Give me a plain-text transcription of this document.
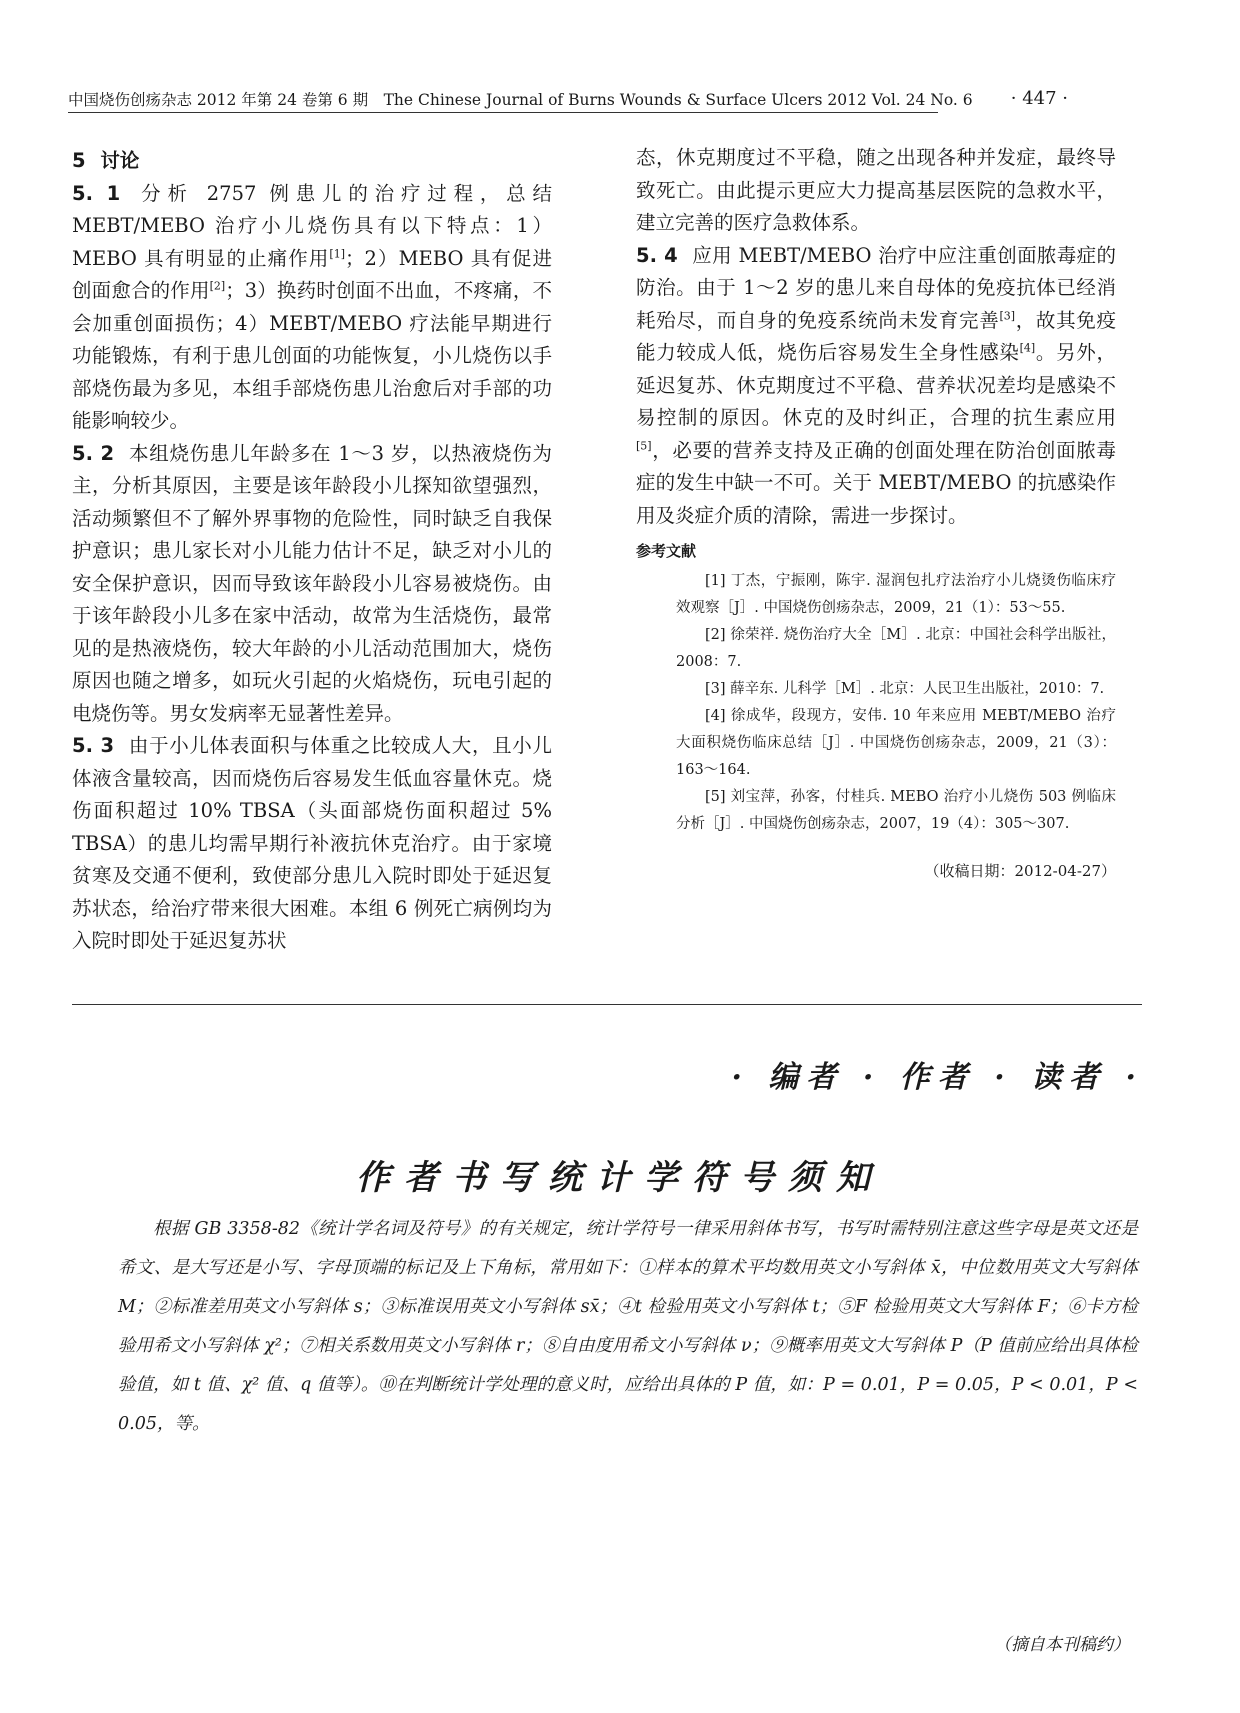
中国烧伤创疡杂志 2012 年第 24 卷第 6 期　The Chinese Journal of Burns Wounds & Surface Ulcers 2012 Vol. 24 No. 6 · 447 ·

5 讨论

5. 1 分析 2757 例患儿的治疗过程，总结 MEBT/MEBO 治疗小儿烧伤具有以下特点：1）MEBO 具有明显的止痛作用[1]；2）MEBO 具有促进创面愈合的作用[2]；3）换药时创面不出血，不疼痛，不会加重创面损伤；4）MEBT/MEBO 疗法能早期进行功能锻炼，有利于患儿创面的功能恢复，小儿烧伤以手部烧伤最为多见，本组手部烧伤患儿治愈后对手部的功能影响较少。

5. 2 本组烧伤患儿年龄多在 1～3 岁，以热液烧伤为主，分析其原因，主要是该年龄段小儿探知欲望强烈，活动频繁但不了解外界事物的危险性，同时缺乏自我保护意识；患儿家长对小儿能力估计不足，缺乏对小儿的安全保护意识，因而导致该年龄段小儿容易被烧伤。由于该年龄段小儿多在家中活动，故常为生活烧伤，最常见的是热液烧伤，较大年龄的小儿活动范围加大，烧伤原因也随之增多，如玩火引起的火焰烧伤，玩电引起的电烧伤等。男女发病率无显著性差异。

5. 3 由于小儿体表面积与体重之比较成人大，且小儿体液含量较高，因而烧伤后容易发生低血容量休克。烧伤面积超过 10% TBSA（头面部烧伤面积超过 5% TBSA）的患儿均需早期行补液抗休克治疗。由于家境贫寒及交通不便利，致使部分患儿入院时即处于延迟复苏状态，给治疗带来很大困难。本组 6 例死亡病例均为入院时即处于延迟复苏状

态，休克期度过不平稳，随之出现各种并发症，最终导致死亡。由此提示更应大力提高基层医院的急救水平，建立完善的医疗急救体系。

5. 4 应用 MEBT/MEBO 治疗中应注重创面脓毒症的防治。由于 1～2 岁的患儿来自母体的免疫抗体已经消耗殆尽，而自身的免疫系统尚未发育完善[3]，故其免疫能力较成人低，烧伤后容易发生全身性感染[4]。另外，延迟复苏、休克期度过不平稳、营养状况差均是感染不易控制的原因。休克的及时纠正，合理的抗生素应用[5]，必要的营养支持及正确的创面处理在防治创面脓毒症的发生中缺一不可。关于 MEBT/MEBO 的抗感染作用及炎症介质的清除，需进一步探讨。

参考文献

[1] 丁杰，宁振刚，陈宇. 湿润包扎疗法治疗小儿烧烫伤临床疗效观察［J］. 中国烧伤创疡杂志，2009，21（1）：53～55.

[2] 徐荣祥. 烧伤治疗大全［M］. 北京：中国社会科学出版社，2008：7.

[3] 薛辛东. 儿科学［M］. 北京：人民卫生出版社，2010：7.

[4] 徐成华，段现方，安伟. 10 年来应用 MEBT/MEBO 治疗大面积烧伤临床总结［J］. 中国烧伤创疡杂志，2009，21（3）：163～164.

[5] 刘宝萍，孙客，付桂兵. MEBO 治疗小儿烧伤 503 例临床分析［J］. 中国烧伤创疡杂志，2007，19（4）：305～307.

（收稿日期：2012-04-27）
· 编者 · 作者 · 读者 ·
作者书写统计学符号须知

根据 GB 3358-82《统计学名词及符号》的有关规定，统计学符号一律采用斜体书写，书写时需特别注意这些字母是英文还是希文、是大写还是小写、字母顶端的标记及上下角标，常用如下：①样本的算术平均数用英文小写斜体 x̄，中位数用英文大写斜体 M；②标准差用英文小写斜体 s；③标准误用英文小写斜体 sx̄；④t 检验用英文小写斜体 t；⑤F 检验用英文大写斜体 F；⑥卡方检验用希文小写斜体 χ²；⑦相关系数用英文小写斜体 r；⑧自由度用希文小写斜体 ν；⑨概率用英文大写斜体 P（P 值前应给出具体检验值，如 t 值、χ² 值、q 值等）。⑩在判断统计学处理的意义时，应给出具体的 P 值，如：P = 0.01，P = 0.05，P < 0.01，P < 0.05，等。

（摘自本刊稿约）
